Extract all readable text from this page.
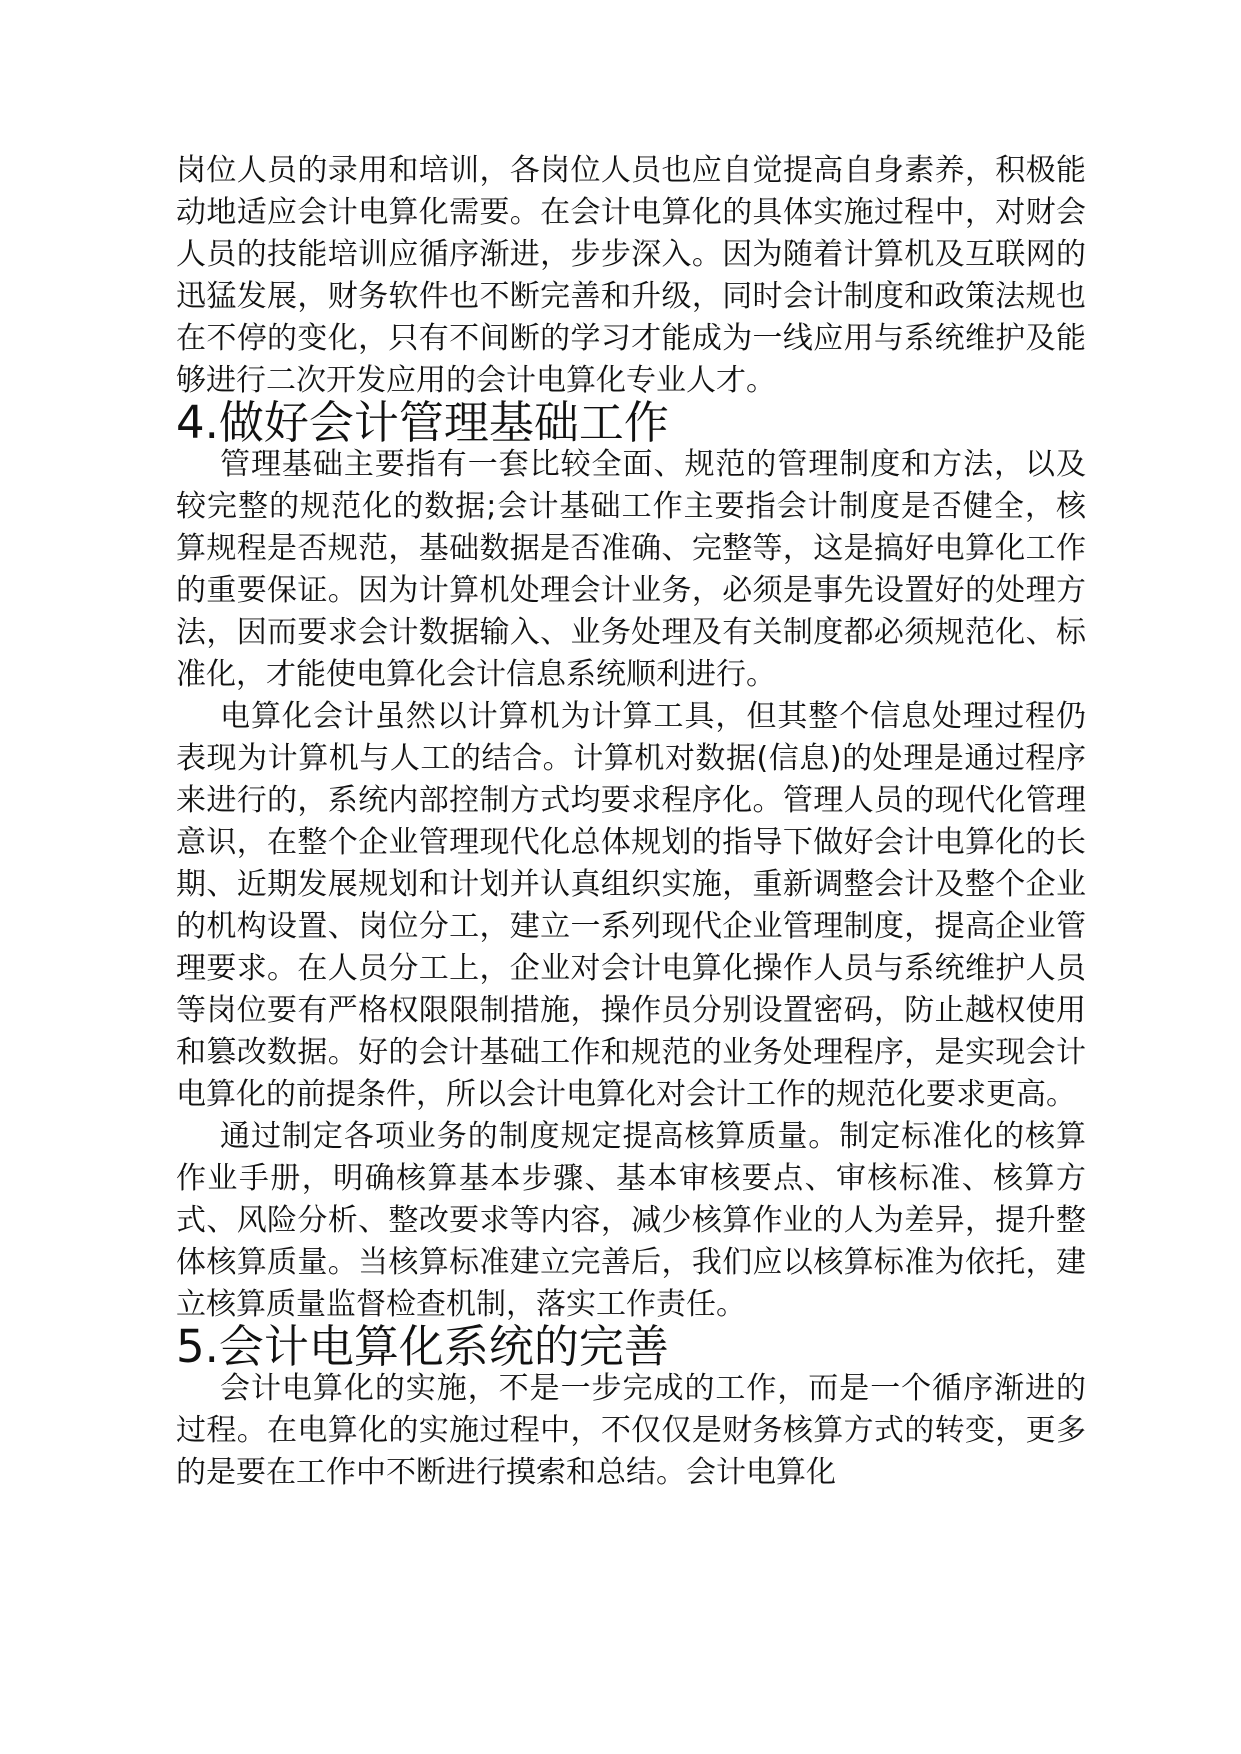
岗位人员的录用和培训，各岗位人员也应自觉提高自身素养，积极能动地适应会计电算化需要。在会计电算化的具体实施过程中，对财会人员的技能培训应循序渐进，步步深入。因为随着计算机及互联网的迅猛发展，财务软件也不断完善和升级，同时会计制度和政策法规也在不停的变化，只有不间断的学习才能成为一线应用与系统维护及能够进行二次开发应用的会计电算化专业人才。

4.做好会计管理基础工作

管理基础主要指有一套比较全面、规范的管理制度和方法，以及较完整的规范化的数据;会计基础工作主要指会计制度是否健全，核算规程是否规范，基础数据是否准确、完整等，这是搞好电算化工作的重要保证。因为计算机处理会计业务，必须是事先设置好的处理方法，因而要求会计数据输入、业务处理及有关制度都必须规范化、标准化，才能使电算化会计信息系统顺利进行。

电算化会计虽然以计算机为计算工具，但其整个信息处理过程仍表现为计算机与人工的结合。计算机对数据(信息)的处理是通过程序来进行的，系统内部控制方式均要求程序化。管理人员的现代化管理意识，在整个企业管理现代化总体规划的指导下做好会计电算化的长期、近期发展规划和计划并认真组织实施，重新调整会计及整个企业的机构设置、岗位分工，建立一系列现代企业管理制度，提高企业管理要求。在人员分工上，企业对会计电算化操作人员与系统维护人员等岗位要有严格权限限制措施，操作员分别设置密码，防止越权使用和篡改数据。好的会计基础工作和规范的业务处理程序，是实现会计电算化的前提条件，所以会计电算化对会计工作的规范化要求更高。

通过制定各项业务的制度规定提高核算质量。制定标准化的核算作业手册，明确核算基本步骤、基本审核要点、审核标准、核算方式、风险分析、整改要求等内容，减少核算作业的人为差异，提升整体核算质量。当核算标准建立完善后，我们应以核算标准为依托，建立核算质量监督检查机制，落实工作责任。

5.会计电算化系统的完善

会计电算化的实施，不是一步完成的工作，而是一个循序渐进的过程。在电算化的实施过程中，不仅仅是财务核算方式的转变，更多的是要在工作中不断进行摸索和总结。会计电算化
